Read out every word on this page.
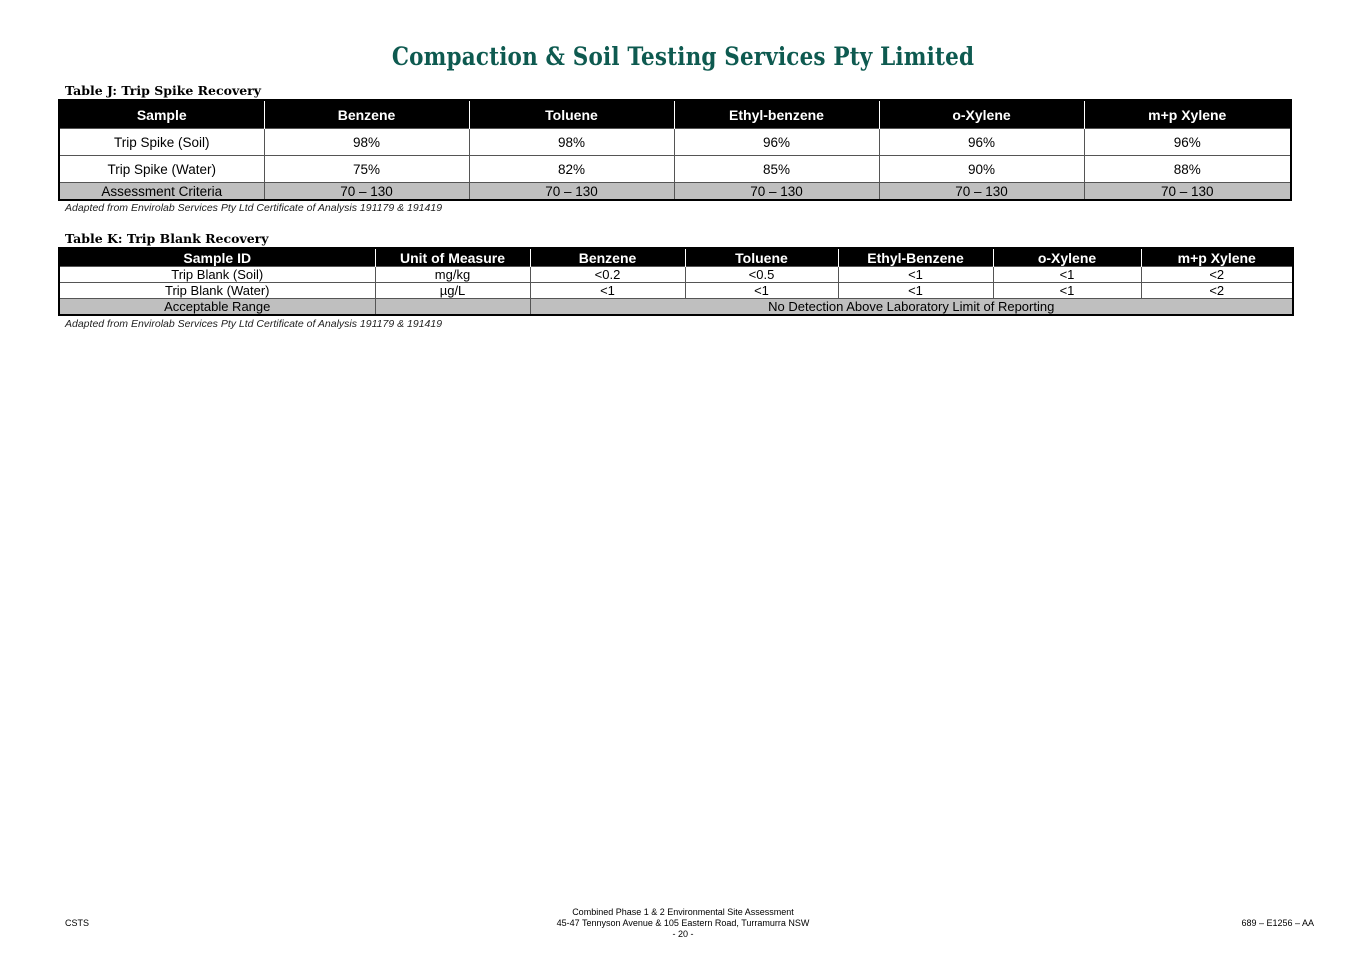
Compaction & Soil Testing Services Pty Limited
Table J: Trip Spike Recovery
Sample	Benzene	Toluene	Ethyl-benzene	o-Xylene	m+p Xylene
Trip Spike (Soil)	98%	98%	96%	96%	96%
Trip Spike (Water)	75%	82%	85%	90%	88%
Assessment Criteria	70 – 130	70 – 130	70 – 130	70 – 130	70 – 130
Adapted from Envirolab Services Pty Ltd Certificate of Analysis 191179 & 191419
Table K: Trip Blank Recovery
Sample ID	Unit of Measure	Benzene	Toluene	Ethyl-Benzene	o-Xylene	m+p Xylene
Trip Blank (Soil)	mg/kg	<0.2	<0.5	<1	<1	<2
Trip Blank (Water)	µg/L	<1	<1	<1	<1	<2
Acceptable Range		No Detection Above Laboratory Limit of Reporting				
Adapted from Envirolab Services Pty Ltd Certificate of Analysis 191179 & 191419
CSTS
Combined Phase 1 & 2 Environmental Site Assessment
45-47 Tennyson Avenue & 105 Eastern Road, Turramurra NSW
- 20 -
689 – E1256 – AA
